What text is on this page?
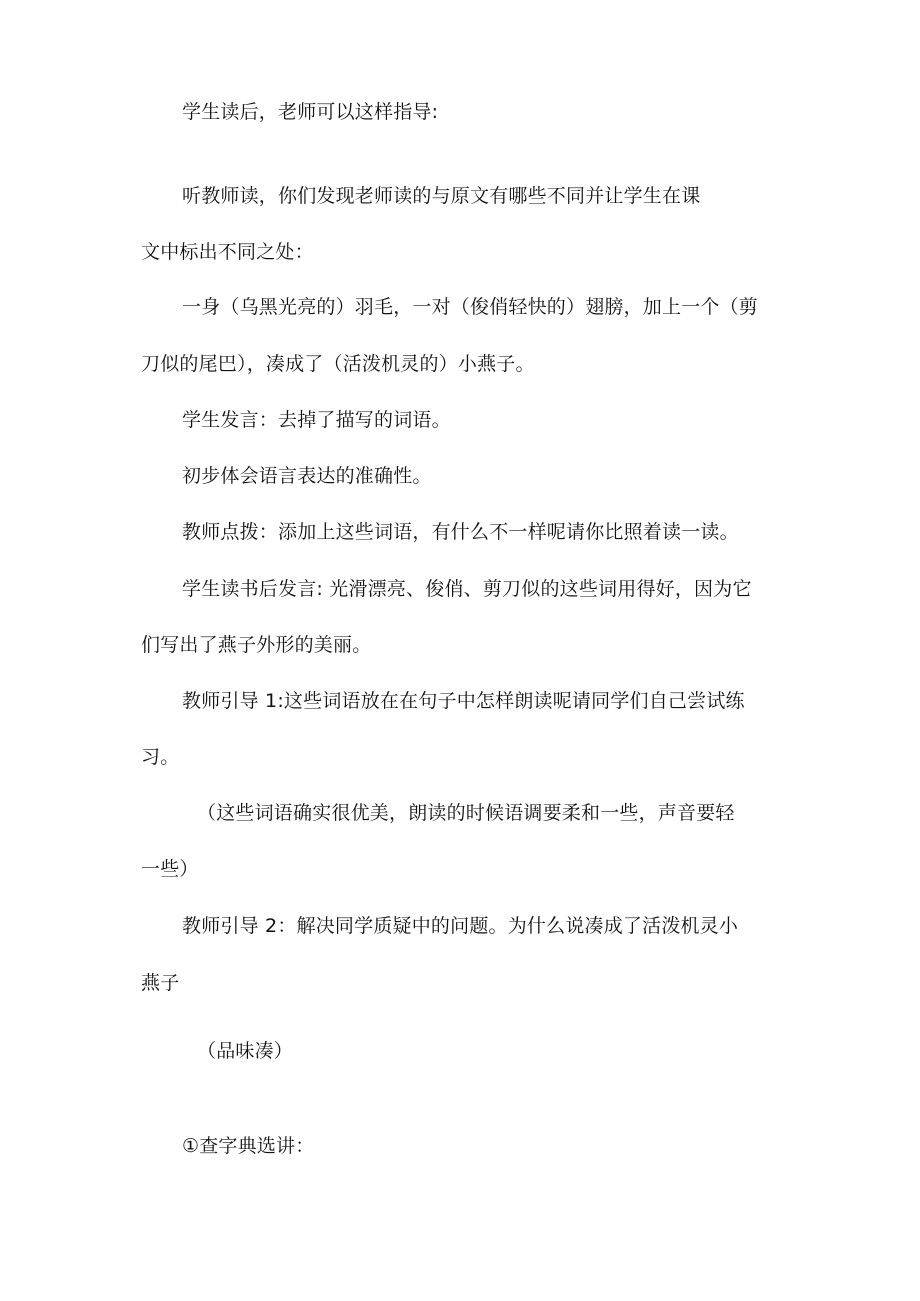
学生读后，老师可以这样指导:
听教师读，你们发现老师读的与原文有哪些不同并让学生在课
文中标出不同之处：
一身（乌黑光亮的）羽毛，一对（俊俏轻快的）翅膀，加上一个（剪
刀似的尾巴），凑成了（活泼机灵的）小燕子。
学生发言：去掉了描写的词语。
初步体会语言表达的准确性。
教师点拨：添加上这些词语，有什么不一样呢请你比照着读一读。
学生读书后发言: 光滑漂亮、俊俏、剪刀似的这些词用得好，因为它
们写出了燕子外形的美丽。
教师引导 1:这些词语放在在句子中怎样朗读呢请同学们自己尝试练
习。
（这些词语确实很优美，朗读的时候语调要柔和一些，声音要轻
一些）
教师引导 2：解决同学质疑中的问题。为什么说凑成了活泼机灵小
燕子
（品味凑）
①查字典选讲：
